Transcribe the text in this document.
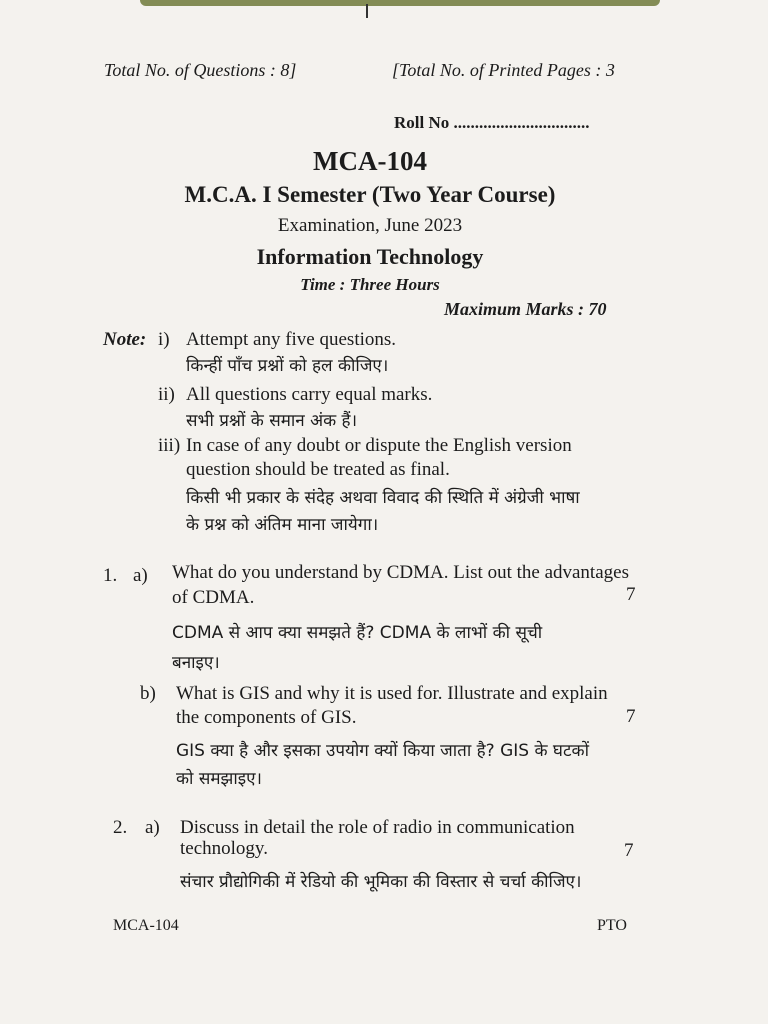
Total No. of Questions : 8]	[Total No. of Printed Pages : 3
Roll No ................................
MCA-104
M.C.A. I Semester (Two Year Course)
Examination, June 2023
Information Technology
Time : Three Hours
Maximum Marks : 70
Note: i) Attempt any five questions.
किन्हीं पाँच प्रश्नों को हल कीजिए।
ii) All questions carry equal marks.
सभी प्रश्नों के समान अंक हैं।
iii) In case of any doubt or dispute the English version
question should be treated as final.
किसी भी प्रकार के संदेह अथवा विवाद की स्थिति में अंग्रेजी भाषा
के प्रश्न को अंतिम माना जायेगा।
1. a) What do you understand by CDMA. List out the advantages
of CDMA.	7
CDMA से आप क्या समझते हैं? CDMA के लाभों की सूची
बनाइए।
b) What is GIS and why it is used for. Illustrate and explain
the components of GIS.	7
GIS क्या है और इसका उपयोग क्यों किया जाता है? GIS के घटकों
को समझाइए।
2. a) Discuss in detail the role of radio in communication
technology.	7
संचार प्रौद्योगिकी में रेडियो की भूमिका की विस्तार से चर्चा कीजिए।
MCA-104	PTO
